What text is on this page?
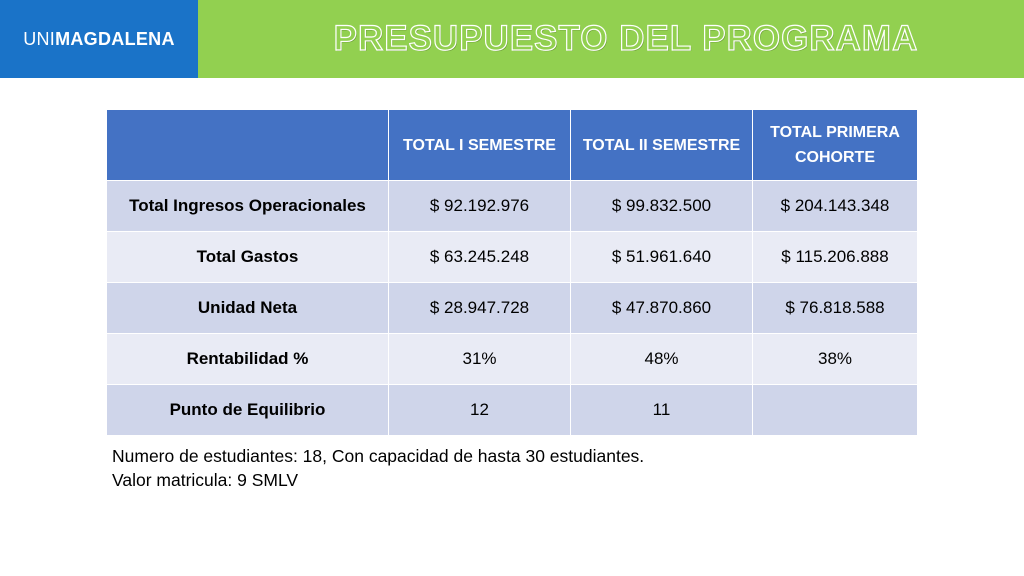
UNIMAGDALENA	PRESUPUESTO DEL PROGRAMA
	TOTAL I SEMESTRE	TOTAL II SEMESTRE	TOTAL PRIMERA COHORTE
Total Ingresos Operacionales	$ 92.192.976	$ 99.832.500	$ 204.143.348
Total Gastos	$ 63.245.248	$ 51.961.640	$ 115.206.888
Unidad Neta	$ 28.947.728	$ 47.870.860	$ 76.818.588
Rentabilidad %	31%	48%	38%
Punto de Equilibrio	12	11	
Numero de estudiantes: 18, Con capacidad de hasta 30 estudiantes.
Valor matricula: 9 SMLV
